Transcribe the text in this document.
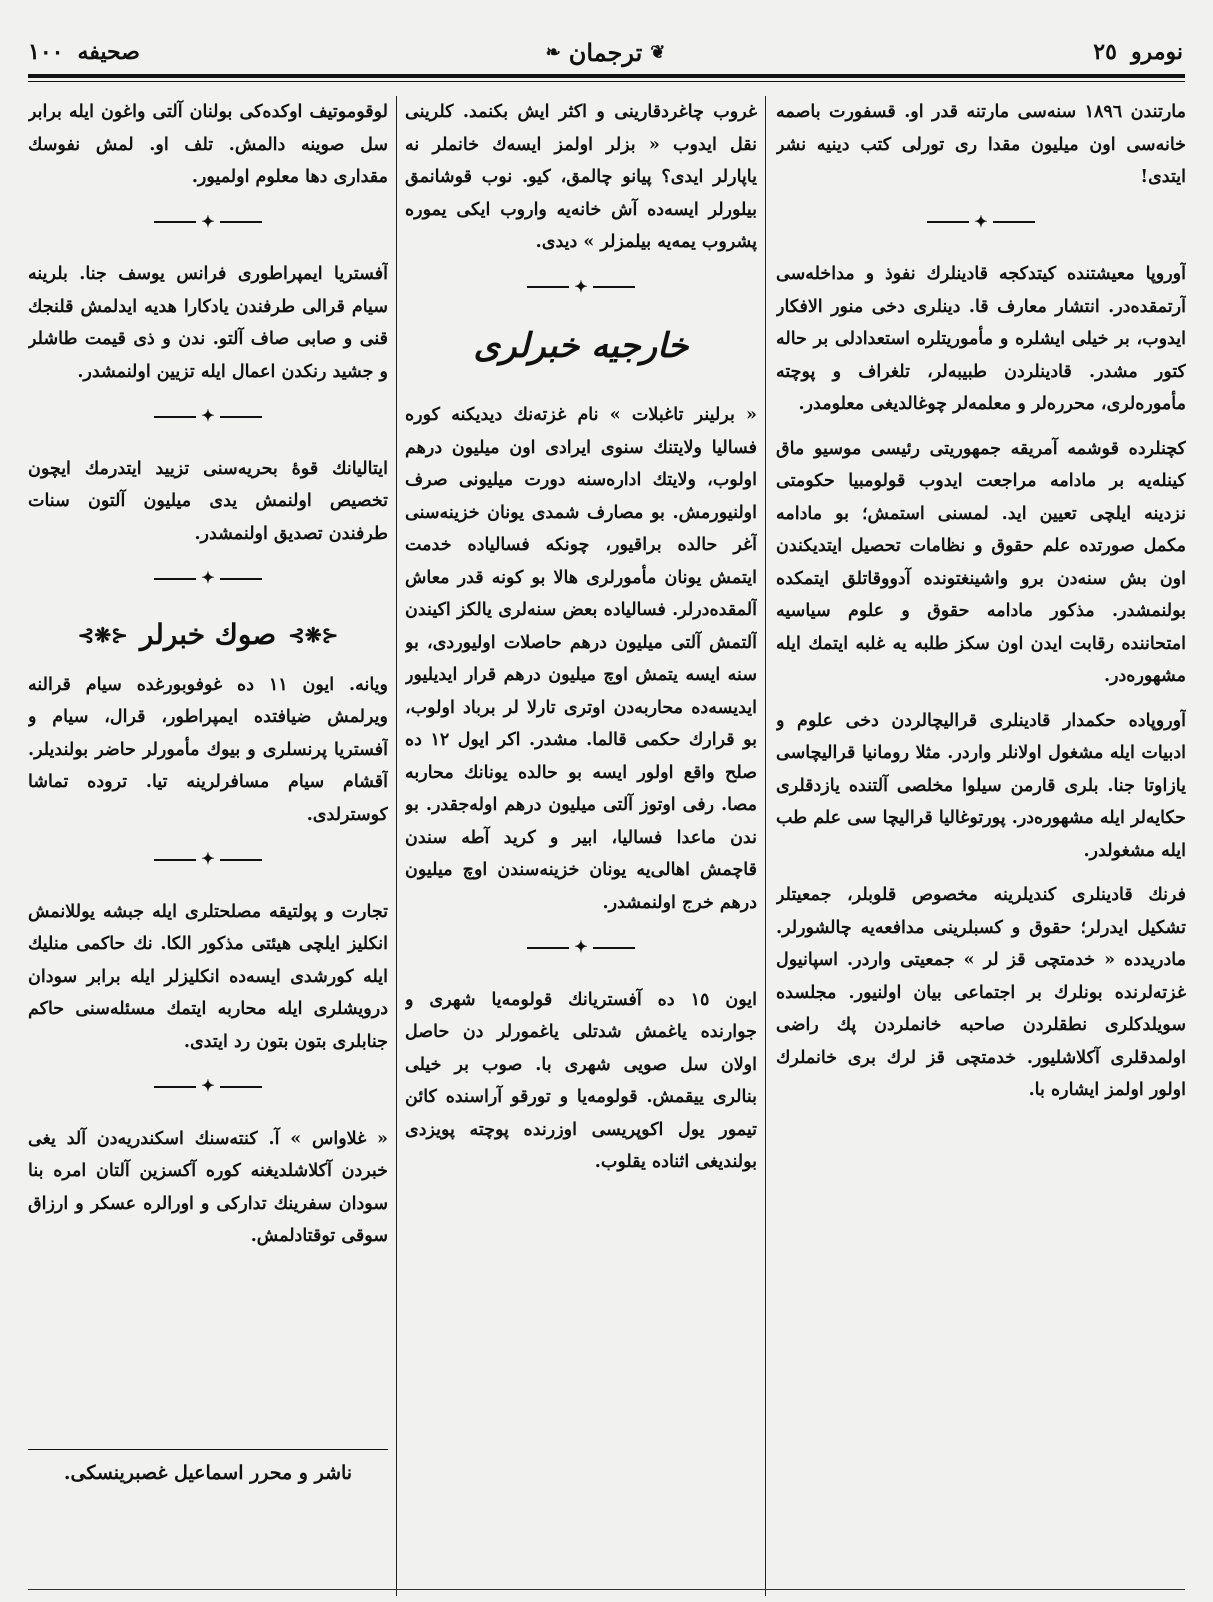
صحیفه
١٠٠	❦
ترجمان
❧	نومرو
٢٥

مارتندن ١٨٩٦ سنه‌سی مارتنه قدر او. قسفورت باصمه خانه‌سی اون میلیون مقدا ری تورلی کتب دینیه نشر ایتدی!

✦

آوروپا معیشتنده کیتدکجه قادینلرك نفوذ و مداخله‌سی آرتمقده‌در. انتشار معارف قا. دینلری دخی منور الافکار ایدوب، بر خیلی ایشلره و مأموریتلره استعدادلی بر حاله کتور مشدر. قادینلردن طبیبه‌لر، تلغراف و پوچته مأموره‌لری، محرره‌لر و معلمه‌لر چوغالدیغی معلومدر.

کچنلرده قوشمه آمریقه جمهوریتی رئیسی موسیو ماق کینله‌یه بر مادامه مراجعت ایدوب قولومبیا حکومتی نزدینه ایلچی تعیین اید. لمسنی استمش؛ بو مادامه مکمل صورتده علم حقوق و نظامات تحصیل ایتدیکندن اون بش سنه‌دن برو واشینغتونده آدووقاتلق ایتمکده بولنمشدر. مذکور مادامه حقوق و علوم سیاسیه امتحاننده رقابت ایدن اون سکز طلبه یه غلبه ایتمك ایله مشهوره‌در.

آوروپاده حکمدار قادینلری قرالیچالردن دخی علوم و ادبیات ایله مشغول اولانلر واردر. مثلا رومانیا قرالیچاسی یازاوتا جنا. بلری قارمن سیلوا مخلصی آلتنده یازدقلری حکایه‌لر ایله مشهوره‌در. پورتوغالیا قرالیچا سی علم طب ایله مشغولدر.

فرنك قادینلری کندیلرینه مخصوص قلوبلر، جمعیتلر تشکیل ایدرلر؛ حقوق و کسبلرینی مدافعه‌یه چالشورلر. مادریدده « خدمتچی قز لر » جمعیتی واردر. اسپانیول غزته‌لرنده بونلرك بر اجتماعی بیان اولنیور. مجلسده سویلدکلری نطقلردن صاحبه خانملردن پك راضی اولمدقلری آکلاشلیور. خدمتچی قز لرك بری خانملرك اولور اولمز ایشاره با.

غروب چاغردقارینی و اکثر ایش بکنمد. کلرینی نقل ایدوب « بزلر اولمز ایسه‌ك خانملر نه یاپارلر ایدی؟ پیانو چالمق، کیو. نوب قوشانمق بیلورلر ایسه‌ده آش خانه‌یه واروب ایکی یموره پشروب یمه‌یه بیلمزلر » دیدی.

✦
خارجیه خبرلری

« برلینر تاغبلات » نام غزته‌نك دیدیکنه کوره فسالیا ولایتنك سنوی ایرادی اون میلیون درهم اولوب، ولایتك اداره‌سنه دورت میلیونی صرف اولنیورمش. بو مصارف شمدی یونان خزینه‌سنی آغر حالده براقیور، چونکه فسالیاده خدمت ایتمش یونان مأمورلری هالا بو کونه قدر معاش آلمقده‌درلر. فسالیاده بعض سنه‌لری یالکز اکیندن آلتمش آلتی میلیون درهم حاصلات اولیوردی، بو سنه ایسه یتمش اوچ میلیون درهم قرار ایدیلیور ایدیسه‌ده محاربه‌دن اوتری تارلا لر برباد اولوب، بو قرارك حکمی قالما. مشدر. اکر ایول ١٢ ده صلح واقع اولور ایسه بو حالده یونانك محاربه مصا. رفی اوتوز آلتی میلیون درهم اوله‌جقدر. بو ندن ماعدا فسالیا، ابیر و کرید آطه سندن قاچمش اهالی‌یه یونان خزینه‌سندن اوچ میلیون درهم خرج اولنمشدر.

✦

ایون ١٥ ده آفستریانك قولومه‌یا شهری و جوارنده یاغمش شدتلی یاغمورلر دن حاصل اولان سل صویی شهری با. صوب بر خیلی بنالری ییقمش. قولومه‌یا و تورقو آراسنده کائن تیمور یول اکوپریسی اوزرنده پوچته پویزدی بولندیغی اثناده یقلوب.

لوقوموتیف اوکده‌کی بولنان آلتی واغون ایله برابر سل صوینه دالمش. تلف او. لمش نفوسك مقداری دها معلوم اولمیور.

✦

آفستریا ایمپراطوری فرانس یوسف جنا. بلرینه سیام قرالی طرفندن یادکارا هدیه ایدلمش قلنجك قنی و صابی صاف آلتو. ندن و ذی قیمت طاشلر و جشید رنکدن اعمال ایله تزیین اولنمشدر.

✦

ایتالیانك قوهٔ بحریه‌سنی تزیید ایتدرمك ایچون تخصیص اولنمش یدی میلیون آلتون سنات طرفندن تصدیق اولنمشدر.

✦
⊰❋⊱
صوك خبرلر
⊰❋⊱

ویانه. ایون ١١ ده غوفوبورغده سیام قرالنه ویرلمش ضیافتده ایمپراطور، قرال، سیام و آفستریا پرنسلری و بیوك مأمورلر حاضر بولندیلر. آقشام سیام مسافرلرینه تیا. ترودە تماشا کوسترلدی.

✦

تجارت و پولتیقه مصلحتلری ایله جبشه یوللانمش انکلیز ایلچی هیئتی مذکور الکا. نك حاکمی منلیك ایله کورشدی ایسه‌ده انکلیزلر ایله برابر سودان درویشلری ایله محاربه ایتمك مسئله‌سنی حاکم جنابلری بتون بتون رد ایتدی.

✦

« غلاواس » آ. کنته‌سنك اسکندریه‌دن آلد یغی خبردن آکلاشلدیغنه کوره آکسزین آلتان امره بنا سودان سفرینك تدارکی و اورالره عسکر و ارزاق سوقی توقتادلمش.

ناشر و محرر اسماعیل غصبرینسکی.
